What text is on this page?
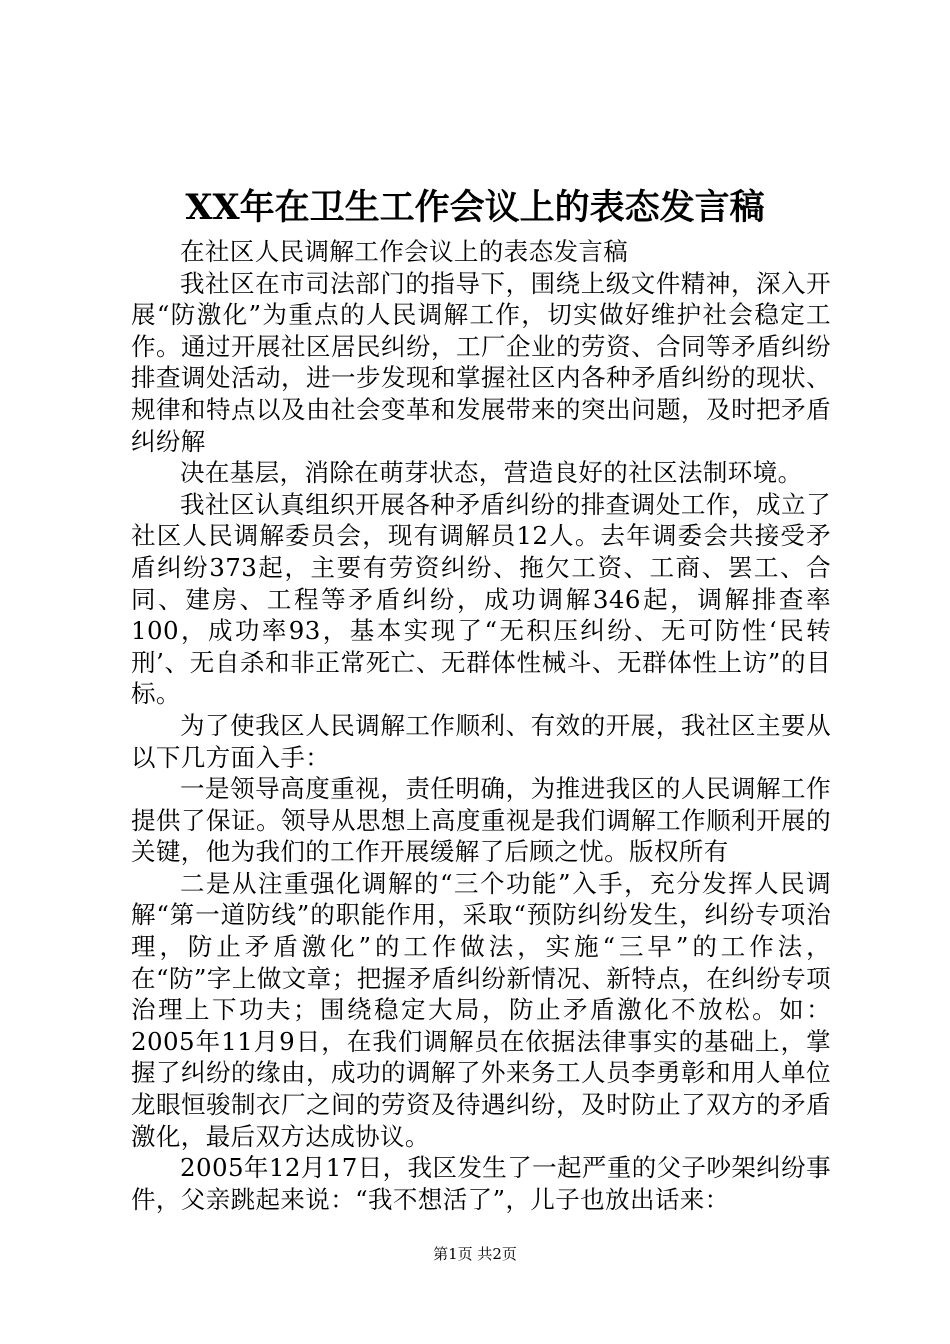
XX年在卫生工作会议上的表态发言稿

在社区人民调解工作会议上的表态发言稿

我社区在市司法部门的指导下，围绕上级文件精神，深入开展“防激化”为重点的人民调解工作，切实做好维护社会稳定工作。通过开展社区居民纠纷，工厂企业的劳资、合同等矛盾纠纷排查调处活动，进一步发现和掌握社区内各种矛盾纠纷的现状、规律和特点以及由社会变革和发展带来的突出问题，及时把矛盾纠纷解

决在基层，消除在萌芽状态，营造良好的社区法制环境。

我社区认真组织开展各种矛盾纠纷的排查调处工作，成立了社区人民调解委员会，现有调解员12人。去年调委会共接受矛盾纠纷373起，主要有劳资纠纷、拖欠工资、工商、罢工、合同、建房、工程等矛盾纠纷，成功调解346起，调解排查率100，成功率93，基本实现了“无积压纠纷、无可防性‘民转刑’、无自杀和非正常死亡、无群体性械斗、无群体性上访”的目标。

为了使我区人民调解工作顺利、有效的开展，我社区主要从以下几方面入手：

一是领导高度重视，责任明确，为推进我区的人民调解工作提供了保证。领导从思想上高度重视是我们调解工作顺利开展的关键，他为我们的工作开展缓解了后顾之忧。版权所有

二是从注重强化调解的“三个功能”入手，充分发挥人民调解“第一道防线”的职能作用，采取“预防纠纷发生，纠纷专项治理，防止矛盾激化”的工作做法，实施“三早”的工作法，在“防”字上做文章；把握矛盾纠纷新情况、新特点，在纠纷专项治理上下功夫；围绕稳定大局，防止矛盾激化不放松。如：2005年11月9日，在我们调解员在依据法律事实的基础上，掌握了纠纷的缘由，成功的调解了外来务工人员李勇彰和用人单位龙眼恒骏制衣厂之间的劳资及待遇纠纷，及时防止了双方的矛盾激化，最后双方达成协议。

2005年12月17日，我区发生了一起严重的父子吵架纠纷事件，父亲跳起来说：“我不想活了”，儿子也放出话来：

第1页 共2页
